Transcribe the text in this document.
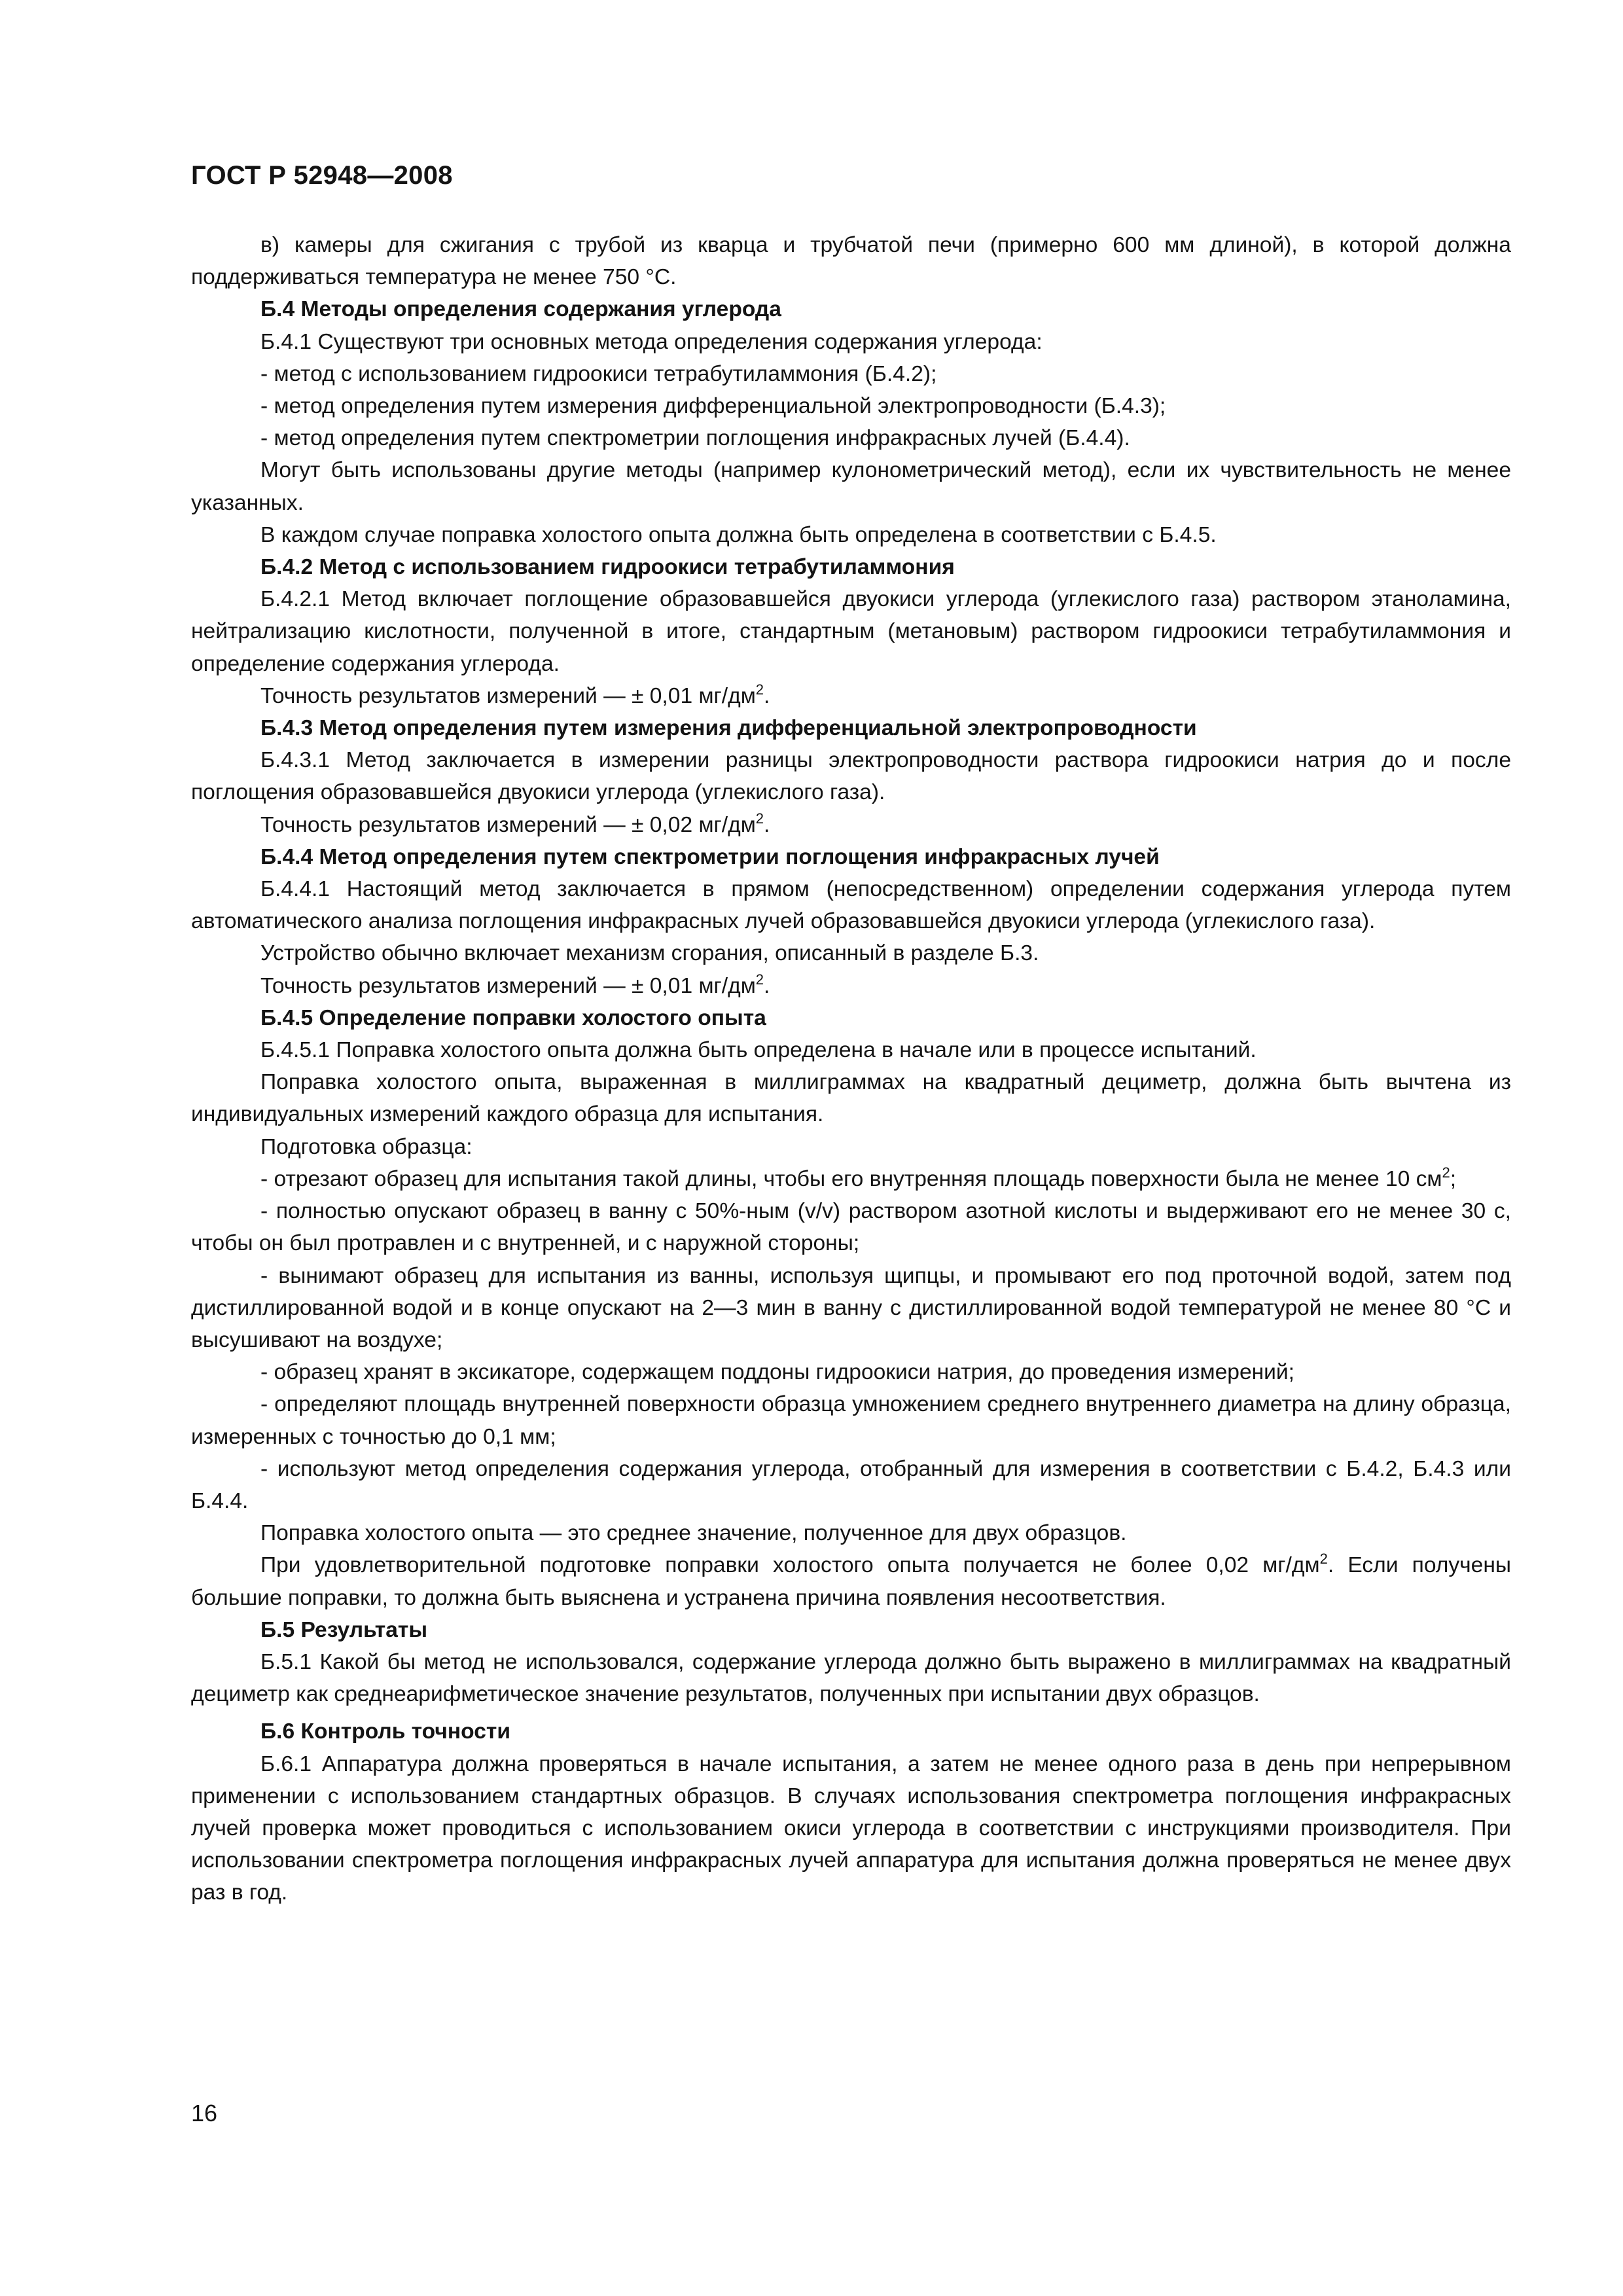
ГОСТ Р 52948—2008

в) камеры для сжигания с трубой из кварца и трубчатой печи (примерно 600 мм длиной), в которой должна поддерживаться температура не менее 750 °С.

Б.4 Методы определения содержания углерода

Б.4.1 Существуют три основных метода определения содержания углерода:

- метод с использованием гидроокиси тетрабутиламмония (Б.4.2);

- метод определения путем измерения дифференциальной электропроводности (Б.4.3);

- метод определения путем спектрометрии поглощения инфракрасных лучей (Б.4.4).

Могут быть использованы другие методы (например кулонометрический метод), если их чувствительность не менее указанных.

В каждом случае поправка холостого опыта должна быть определена в соответствии с Б.4.5.

Б.4.2 Метод с использованием гидроокиси тетрабутиламмония

Б.4.2.1 Метод включает поглощение образовавшейся двуокиси углерода (углекислого газа) раствором этаноламина, нейтрализацию кислотности, полученной в итоге, стандартным (метановым) раствором гидроокиси тетрабутиламмония и определение содержания углерода.

Точность результатов измерений — ± 0,01 $мг/дм^2$.

Б.4.3 Метод определения путем измерения дифференциальной электропроводности

Б.4.3.1 Метод заключается в измерении разницы электропроводности раствора гидроокиси натрия до и после поглощения образовавшейся двуокиси углерода (углекислого газа).

Точность результатов измерений — ± 0,02 $мг/дм^2$.

Б.4.4 Метод определения путем спектрометрии поглощения инфракрасных лучей

Б.4.4.1 Настоящий метод заключается в прямом (непосредственном) определении содержания углерода путем автоматического анализа поглощения инфракрасных лучей образовавшейся двуокиси углерода (углекислого газа).

Устройство обычно включает механизм сгорания, описанный в разделе Б.3.

Точность результатов измерений — ± 0,01 $мг/дм^2$.

Б.4.5 Определение поправки холостого опыта

Б.4.5.1 Поправка холостого опыта должна быть определена в начале или в процессе испытаний.

Поправка холостого опыта, выраженная в миллиграммах на квадратный дециметр, должна быть вычтена из индивидуальных измерений каждого образца для испытания.

Подготовка образца:

- отрезают образец для испытания такой длины, чтобы его внутренняя площадь поверхности была не менее 10 $см^2$;

- полностью опускают образец в ванну с 50%-ным (v/v) раствором азотной кислоты и выдерживают его не менее 30 с, чтобы он был протравлен и с внутренней, и с наружной стороны;

- вынимают образец для испытания из ванны, используя щипцы, и промывают его под проточной водой, затем под дистиллированной водой и в конце опускают на 2—3 мин в ванну с дистиллированной водой температурой не менее 80 °С и высушивают на воздухе;

- образец хранят в эксикаторе, содержащем поддоны гидроокиси натрия, до проведения измерений;

- определяют площадь внутренней поверхности образца умножением среднего внутреннего диаметра на длину образца, измеренных с точностью до 0,1 мм;

- используют метод определения содержания углерода, отобранный для измерения в соответствии с Б.4.2, Б.4.3 или Б.4.4.

Поправка холостого опыта — это среднее значение, полученное для двух образцов.

При удовлетворительной подготовке поправки холостого опыта получается не более 0,02 $мг/дм^2$. Если получены большие поправки, то должна быть выяснена и устранена причина появления несоответствия.

Б.5 Результаты

Б.5.1 Какой бы метод не использовался, содержание углерода должно быть выражено в миллиграммах на квадратный дециметр как среднеарифметическое значение результатов, полученных при испытании двух образцов.

Б.6 Контроль точности

Б.6.1 Аппаратура должна проверяться в начале испытания, а затем не менее одного раза в день при непрерывном применении с использованием стандартных образцов. В случаях использования спектрометра поглощения инфракрасных лучей проверка может проводиться с использованием окиси углерода в соответствии с инструкциями производителя. При использовании спектрометра поглощения инфракрасных лучей аппаратура для испытания должна проверяться не менее двух раз в год.

16
